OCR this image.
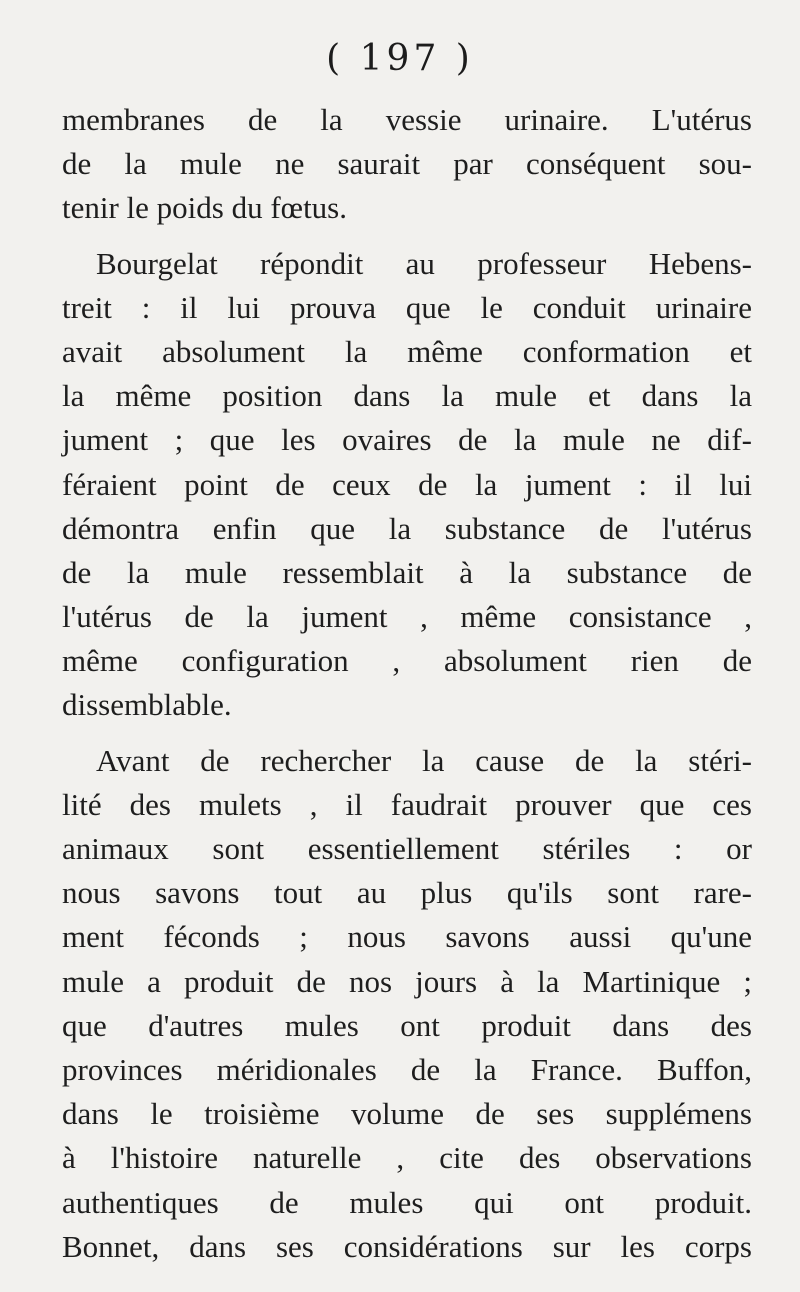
( 197 )
membranes de la vessie urinaire. L'utérus
de la mule ne saurait par conséquent sou-
tenir le poids du fœtus.
Bourgelat répondit au professeur Hebens-
treit : il lui prouva que le conduit urinaire
avait absolument la même conformation et
la même position dans la mule et dans la
jument ; que les ovaires de la mule ne dif-
féraient point de ceux de la jument : il lui
démontra enfin que la substance de l'utérus
de la mule ressemblait à la substance de
l'utérus de la jument , même consistance ,
même configuration , absolument rien de
dissemblable.
Avant de rechercher la cause de la stéri-
lité des mulets , il faudrait prouver que ces
animaux sont essentiellement stériles : or
nous savons tout au plus qu'ils sont rare-
ment féconds ; nous savons aussi qu'une
mule a produit de nos jours à la Martinique ;
que d'autres mules ont produit dans des
provinces méridionales de la France. Buffon,
dans le troisième volume de ses supplémens
à l'histoire naturelle , cite des observations
authentiques de mules qui ont produit.
Bonnet, dans ses considérations sur les corps
